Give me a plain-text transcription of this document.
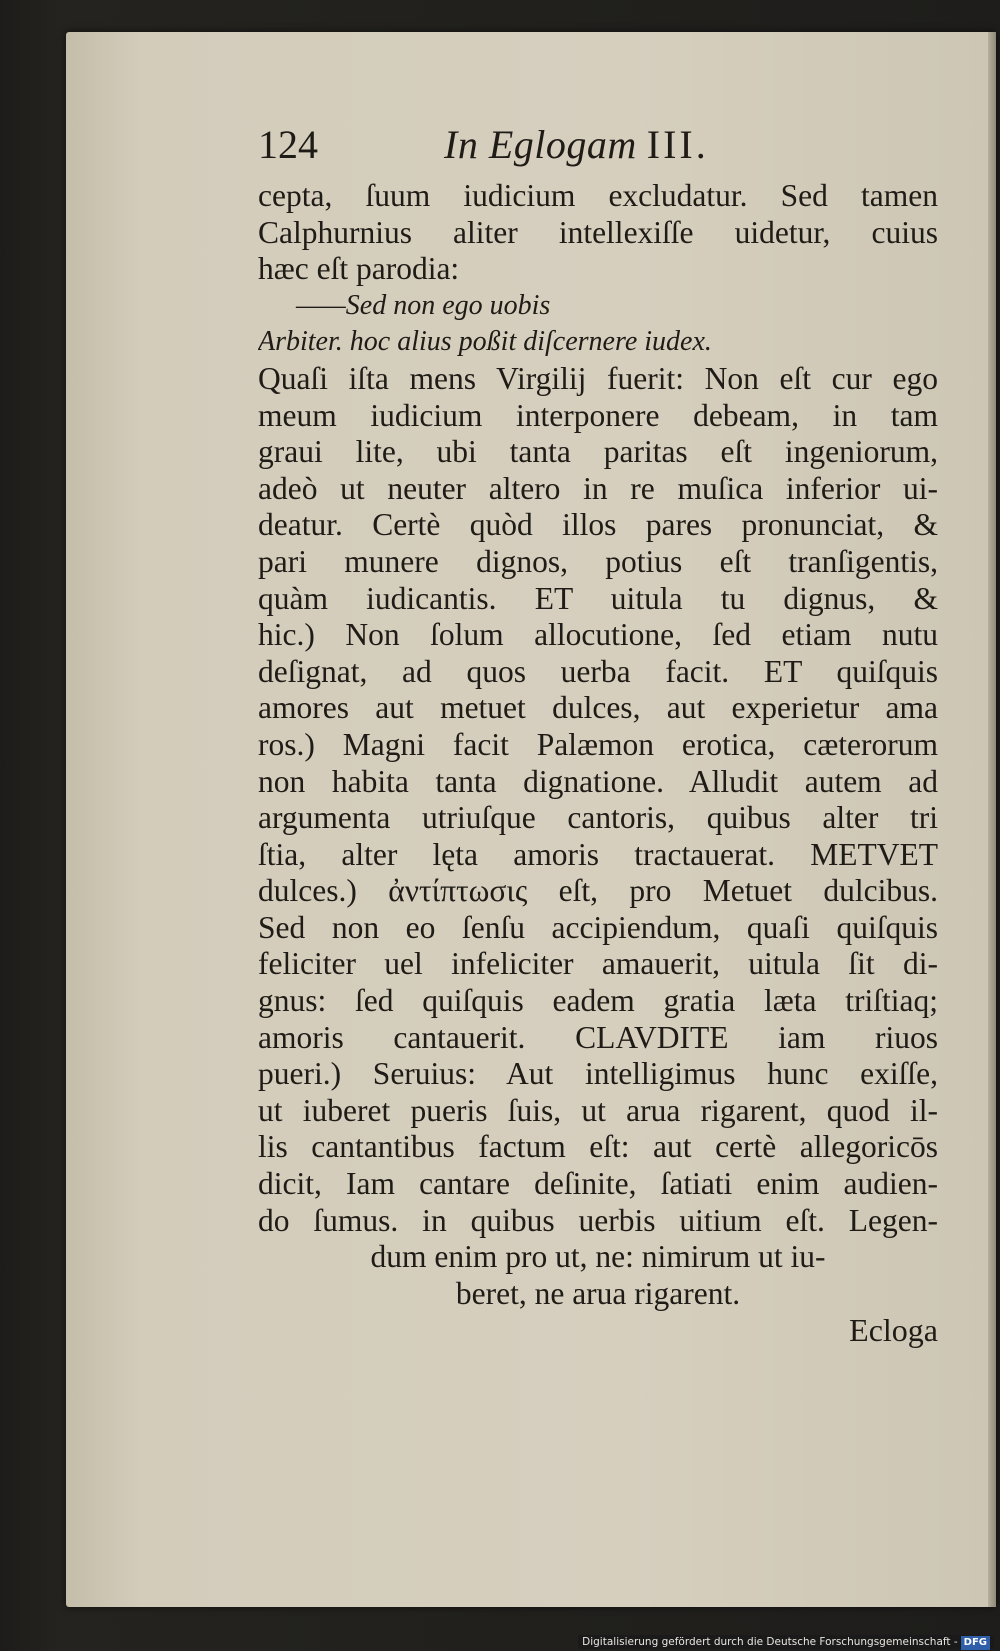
124	In Eglogam III.
cepta, ſuum iudicium excludatur. Sed tamen
Calphurnius aliter intellexiſſe uidetur, cuius
hæc eſt parodia:
——Sed non ego uobis
Arbiter. hoc alius poßit diſcernere iudex.
Quaſi iſta mens Virgilij fuerit: Non eſt cur ego
meum iudicium interponere debeam, in tam
graui lite, ubi tanta paritas eſt ingeniorum,
adeò ut neuter altero in re muſica inferior ui-
deatur. Certè quòd illos pares pronunciat, &
pari munere dignos, potius eſt tranſigentis,
quàm iudicantis. ET uitula tu dignus, &
hic.) Non ſolum allocutione, ſed etiam nutu
deſignat, ad quos uerba facit. ET quiſquis
amores aut metuet dulces, aut experietur ama
ros.) Magni facit Palæmon erotica, cæterorum
non habita tanta dignatione. Alludit autem ad
argumenta utriuſque cantoris, quibus alter tri
ſtia, alter lęta amoris tractauerat. METVET
dulces.) ἀντίπτωσις eſt, pro Metuet dulcibus.
Sed non eo ſenſu accipiendum, quaſi quiſquis
feliciter uel infeliciter amauerit, uitula ſit di-
gnus: ſed quiſquis eadem gratia læta triſtiaq;
amoris cantauerit. CLAVDITE iam riuos
pueri.) Seruius: Aut intelligimus hunc exiſſe,
ut iuberet pueris ſuis, ut arua rigarent, quod il-
lis cantantibus factum eſt: aut certè allegoricōs
dicit, Iam cantare deſinite, ſatiati enim audien-
do ſumus. in quibus uerbis uitium eſt. Legen-
dum enim pro ut, ne: nimirum ut iu-
beret, ne arua rigarent.
Ecloga
Digitalisierung gefördert durch die Deutsche Forschungsgemeinschaft - DFG
